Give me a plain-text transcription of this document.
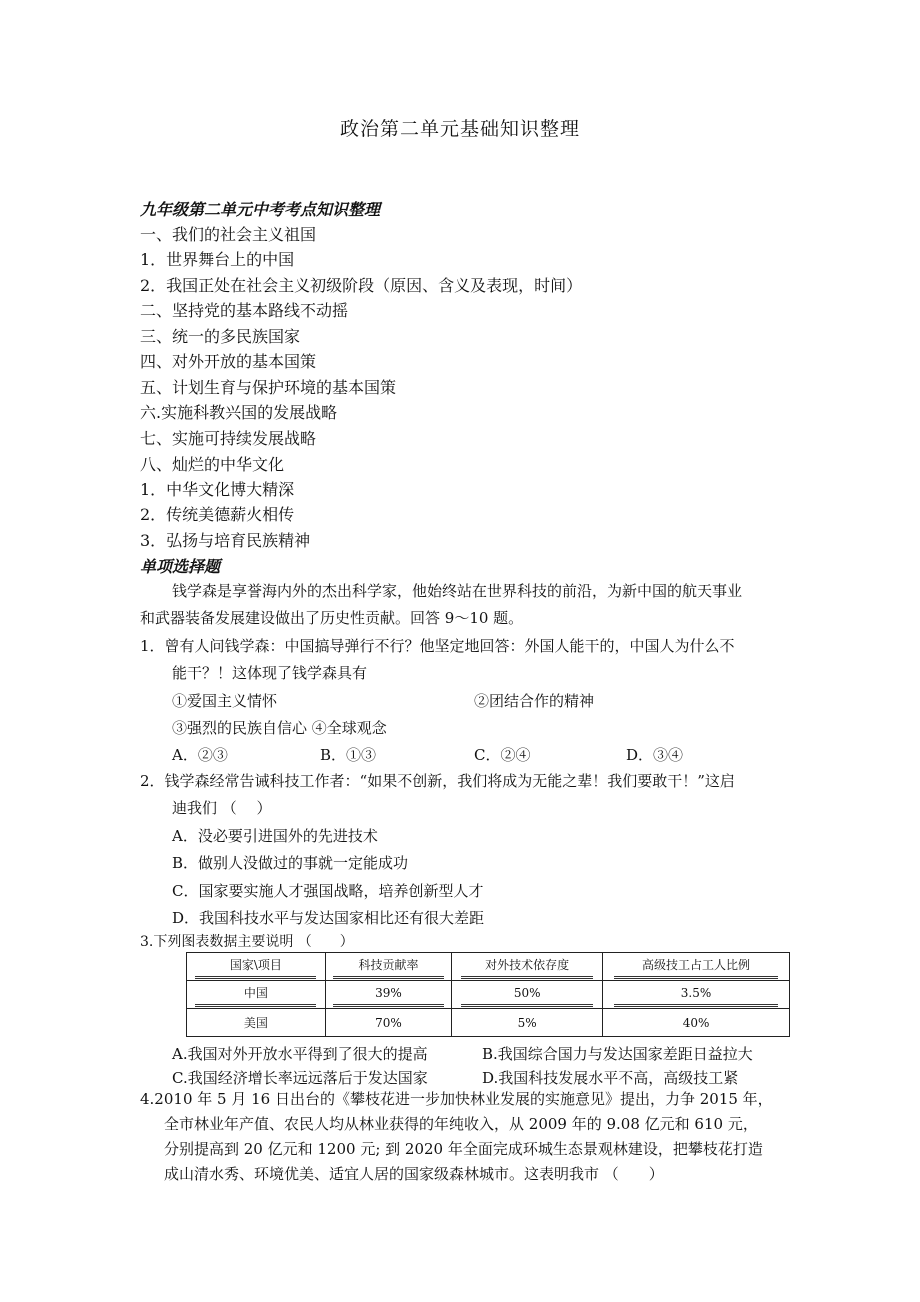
政治第二单元基础知识整理
九年级第二单元中考考点知识整理
一、我们的社会主义祖国
1．世界舞台上的中国
2．我国正处在社会主义初级阶段（原因、含义及表现，时间）
二、坚持党的基本路线不动摇
三、统一的多民族国家
四、对外开放的基本国策
五、计划生育与保护环境的基本国策
六.实施科教兴国的发展战略
七、实施可持续发展战略
八、灿烂的中华文化
1．中华文化博大精深
2．传统美德薪火相传
3．弘扬与培育民族精神
单项选择题
钱学森是享誉海内外的杰出科学家，他始终站在世界科技的前沿，为新中国的航天事业
和武器装备发展建设做出了历史性贡献。回答 9～10 题。
1．曾有人问钱学森：中国搞导弹行不行？他坚定地回答：外国人能干的，中国人为什么不
能干？！这体现了钱学森具有
①爱国主义情怀	②团结合作的精神
③强烈的民族自信心 ④全球观念
A．②③	B．①③	C．②④	D．③④
2．钱学森经常告诫科技工作者：“如果不创新，我们将成为无能之辈！我们要敢干！”这启
迪我们 （　 ）
A．没必要引进国外的先进技术
B．做别人没做过的事就一定能成功
C．国家要实施人才强国战略，培养创新型人才
D．我国科技水平与发达国家相比还有很大差距
3.下列图表数据主要说明 （　　）
国家\项目	科技贡献率	对外技术依存度	高级技工占工人比例
中国	39%	50%	3.5%
美国	70%	5%	40%
A.我国对外开放水平得到了很大的提高	B.我国综合国力与发达国家差距日益拉大
C.我国经济增长率远远落后于发达国家	D.我国科技发展水平不高，高级技工紧
4.2010 年 5 月 16 日出台的《攀枝花进一步加快林业发展的实施意见》提出，力争 2015 年，
全市林业年产值、农民人均从林业获得的年纯收入，从 2009 年的 9.08 亿元和 610 元，
分别提高到 20 亿元和 1200 元; 到 2020 年全面完成环城生态景观林建设，把攀枝花打造
成山清水秀、环境优美、适宜人居的国家级森林城市。这表明我市 （　　）
